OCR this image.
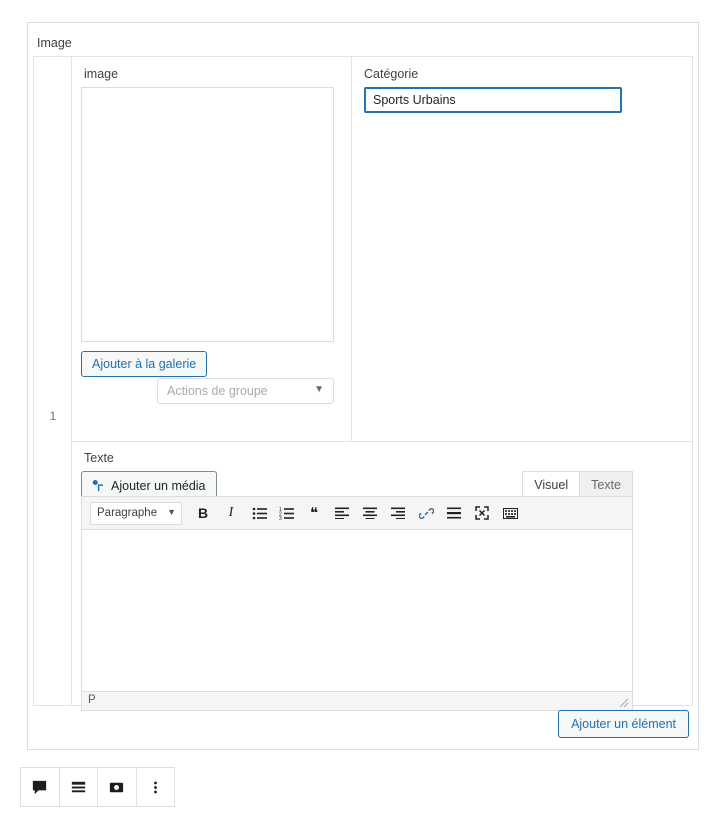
Image
1
image
Ajouter à la galerie
Actions de groupe	▼
Catégorie
Sports Urbains
Texte
Ajouter un média	Visuel	Texte
Paragraphe ▼	B	I	1
2
3	❝
P
Ajouter un élément
